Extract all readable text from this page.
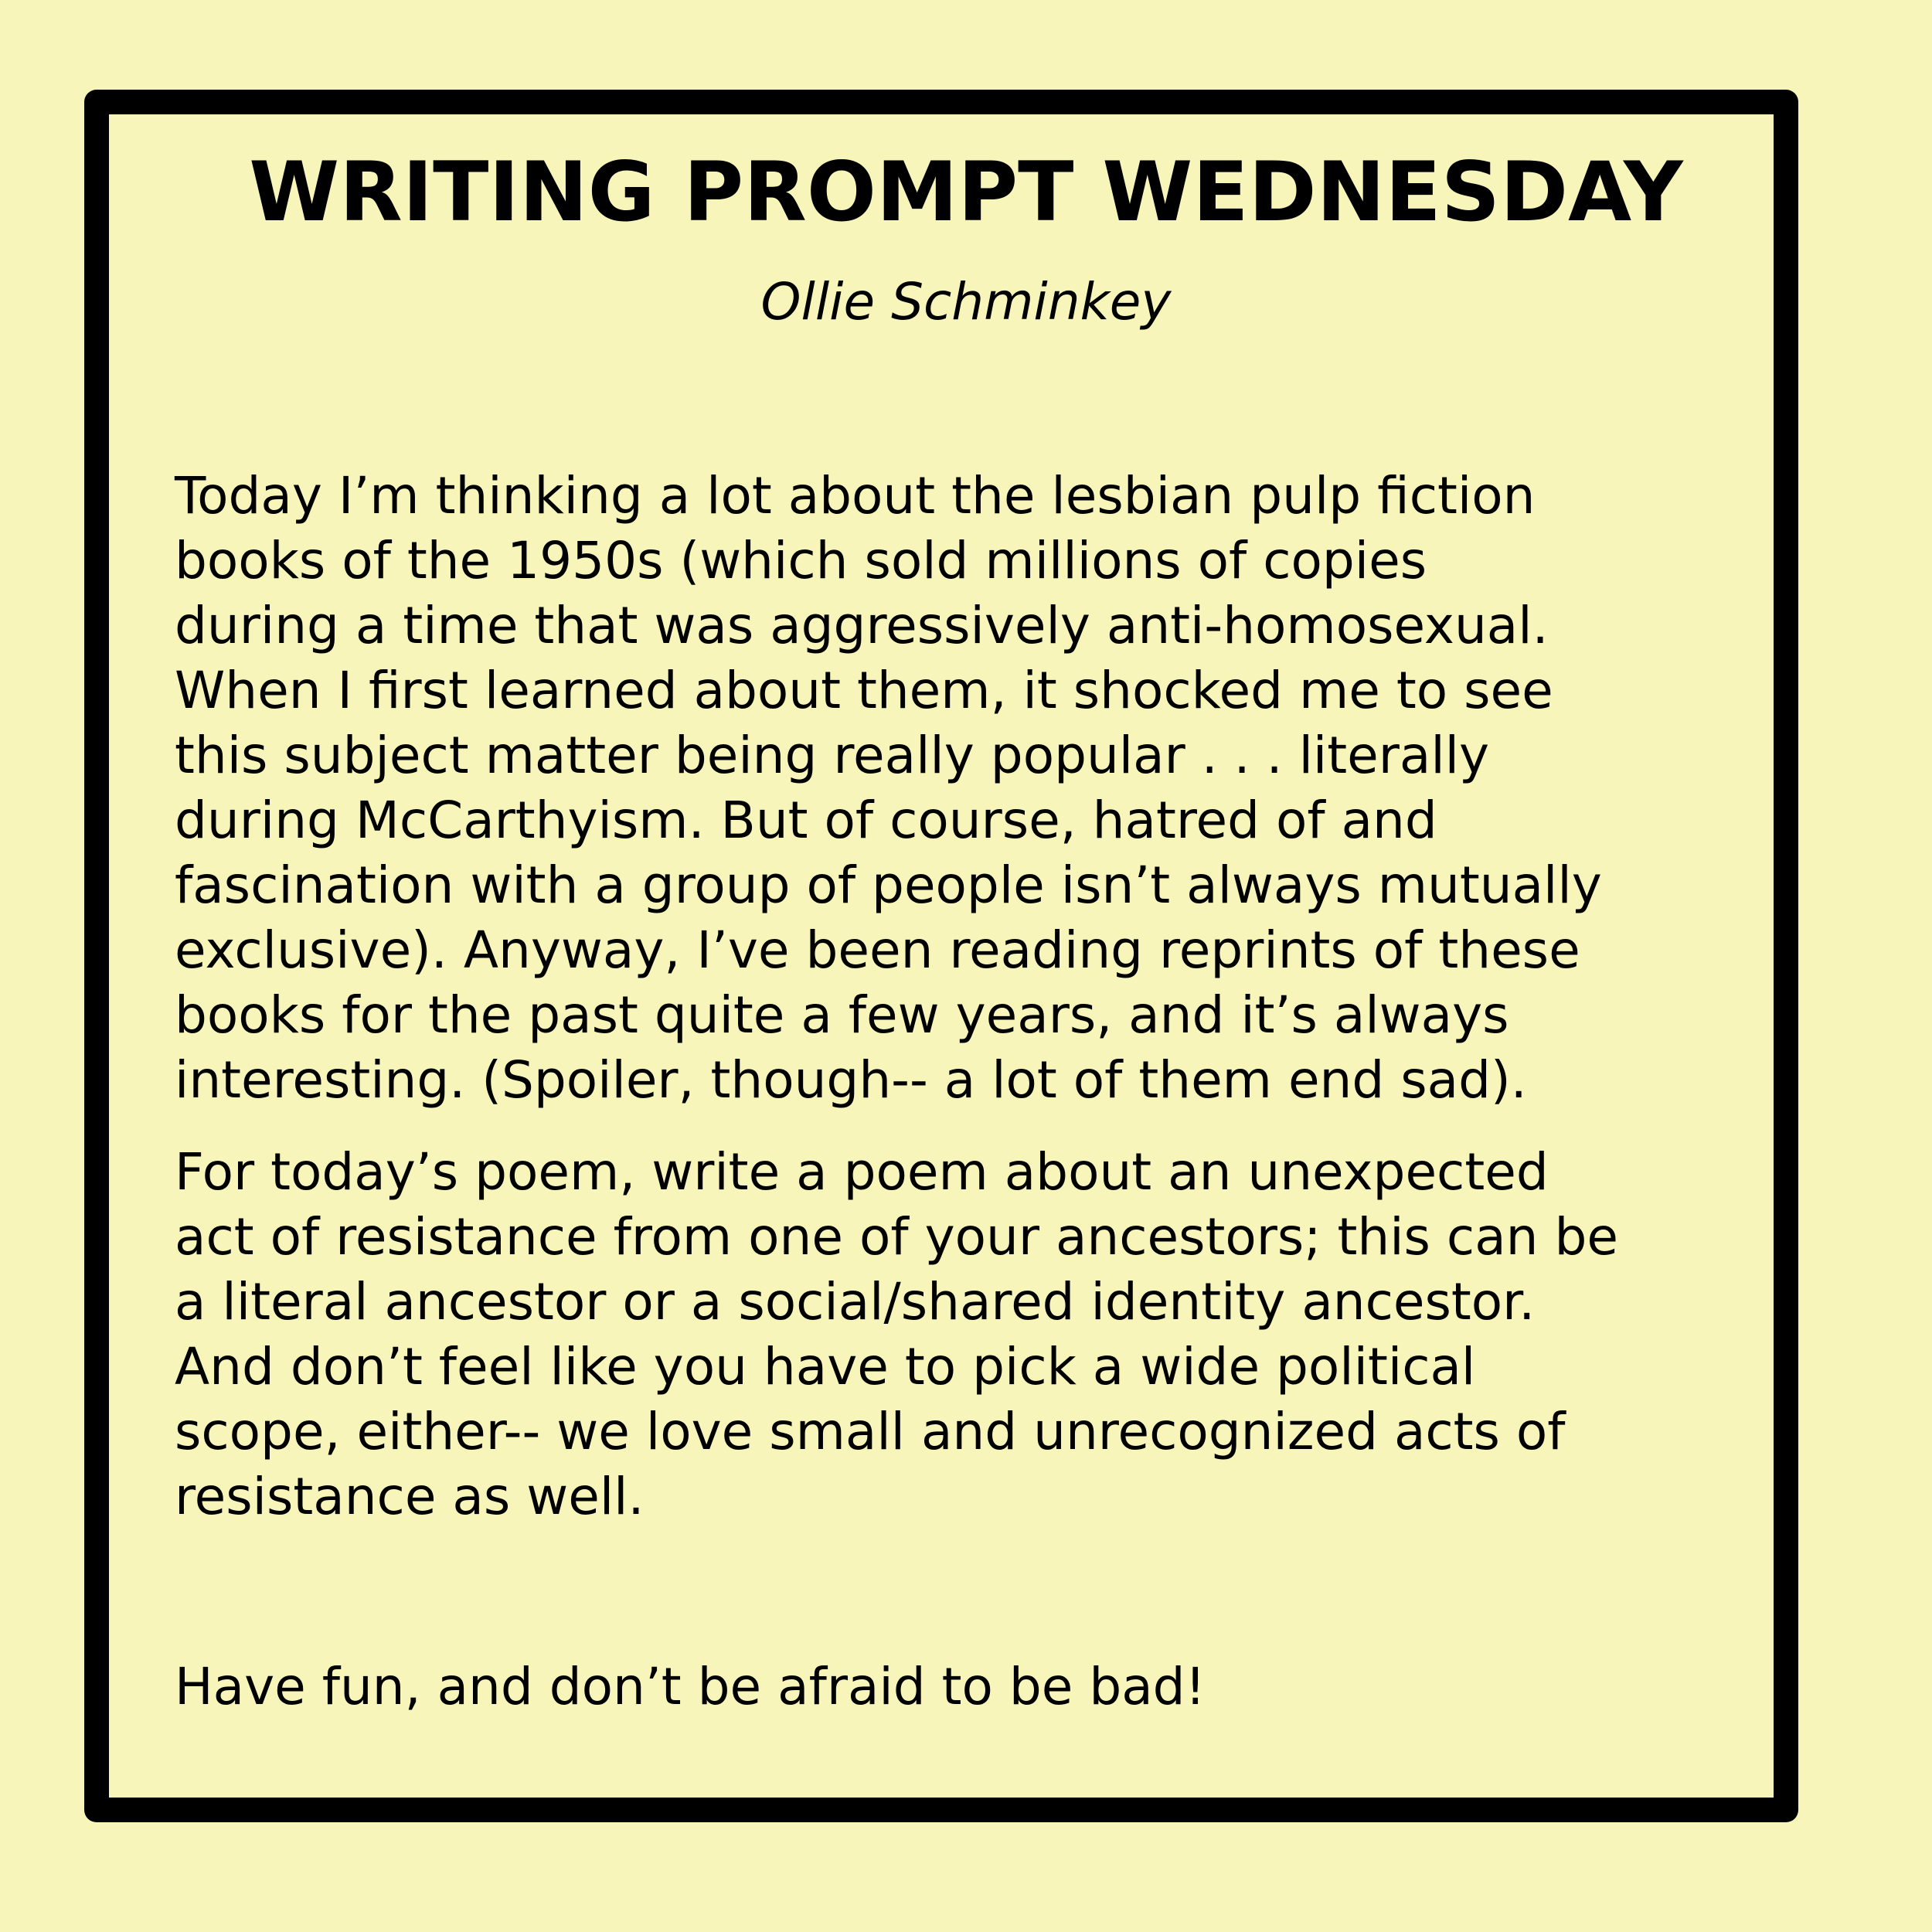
WRITING PROMPT WEDNESDAY
Ollie Schminkey
Today I’m thinking a lot about the lesbian pulp fiction
books of the 1950s (which sold millions of copies
during a time that was aggressively anti-homosexual.
When I first learned about them, it shocked me to see
this subject matter being really popular . . . literally
during McCarthyism. But of course, hatred of and
fascination with a group of people isn’t always mutually
exclusive). Anyway, I’ve been reading reprints of these
books for the past quite a few years, and it’s always
interesting. (Spoiler, though-- a lot of them end sad).
For today’s poem, write a poem about an unexpected
act of resistance from one of your ancestors; this can be
a literal ancestor or a social/shared identity ancestor.
And don’t feel like you have to pick a wide political
scope, either-- we love small and unrecognized acts of
resistance as well.
Have fun, and don’t be afraid to be bad!
